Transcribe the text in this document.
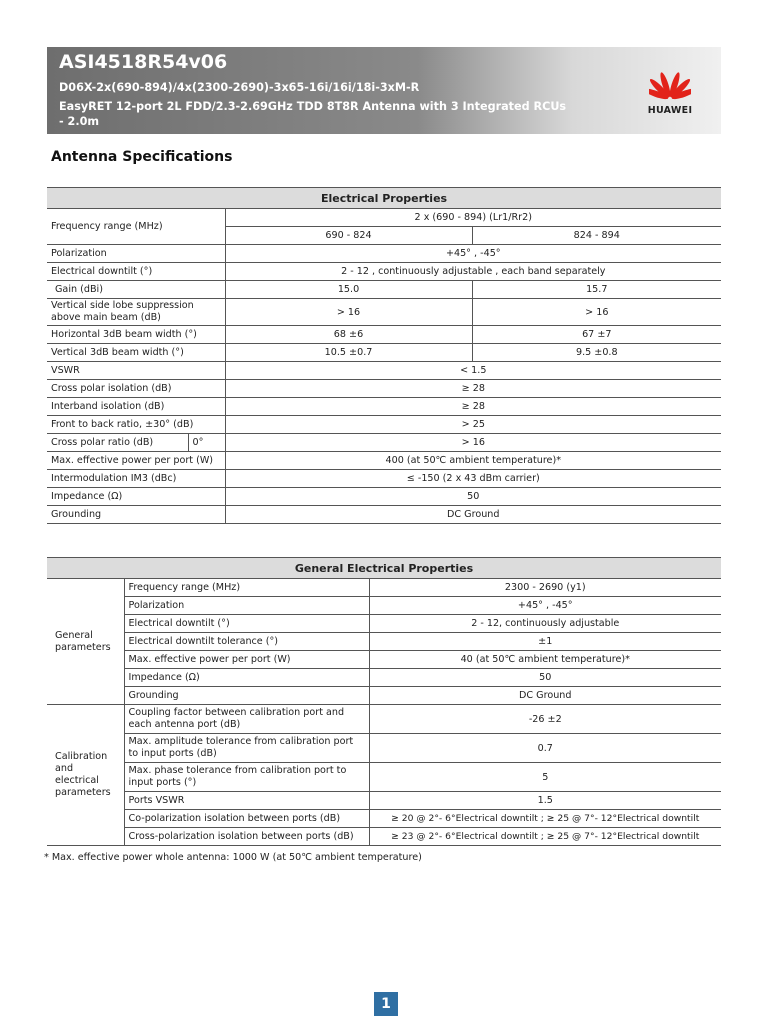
ASI4518R54v06
D06X-2x(690-894)/4x(2300-2690)-3x65-16i/16i/18i-3xM-R
EasyRET 12-port 2L FDD/2.3-2.69GHz TDD 8T8R Antenna with 3 Integrated RCUs - 2.0m
HUAWEI
Antenna Specifications
Electrical Properties			
Frequency range (MHz)		2 x (690 - 894) (Lr1/Rr2)	
		690 - 824	824 - 894
Polarization		+45° , -45°	
Electrical downtilt (°)		2 - 12 , continuously adjustable , each band separately	
Gain (dBi)		15.0	15.7
Vertical side lobe suppression above main beam (dB)		> 16	> 16
Horizontal 3dB beam width (°)		68 ±6	67 ±7
Vertical 3dB beam width (°)		10.5 ±0.7	9.5 ±0.8
VSWR		< 1.5	
Cross polar isolation (dB)		≥ 28	
Interband isolation (dB)		≥ 28	
Front to back ratio, ±30° (dB)		> 25	
Cross polar ratio (dB)	0°	> 16	
Max. effective power per port (W)		400 (at 50℃ ambient temperature)*	
Intermodulation IM3 (dBc)		≤ -150 (2 x 43 dBm carrier)	
Impedance (Ω)		50	
Grounding		DC Ground	
General Electrical Properties		
General parameters	Frequency range (MHz)	2300 - 2690 (y1)
	Polarization	+45° , -45°
	Electrical downtilt (°)	2 - 12, continuously adjustable
	Electrical downtilt tolerance (°)	±1
	Max. effective power per port (W)	40 (at 50℃ ambient temperature)*
	Impedance (Ω)	50
	Grounding	DC Ground
Calibration and electrical parameters	Coupling factor between calibration port and each antenna port (dB)	-26 ±2
	Max. amplitude tolerance from calibration port to input ports (dB)	0.7
	Max. phase tolerance from calibration port to input ports (°)	5
	Ports VSWR	1.5
	Co-polarization isolation between ports (dB)	≥ 20 @ 2°- 6°Electrical downtilt ; ≥ 25 @ 7°- 12°Electrical downtilt
	Cross-polarization isolation between ports (dB)	≥ 23 @ 2°- 6°Electrical downtilt ; ≥ 25 @ 7°- 12°Electrical downtilt
* Max. effective power whole antenna: 1000 W (at 50℃ ambient temperature)
1
